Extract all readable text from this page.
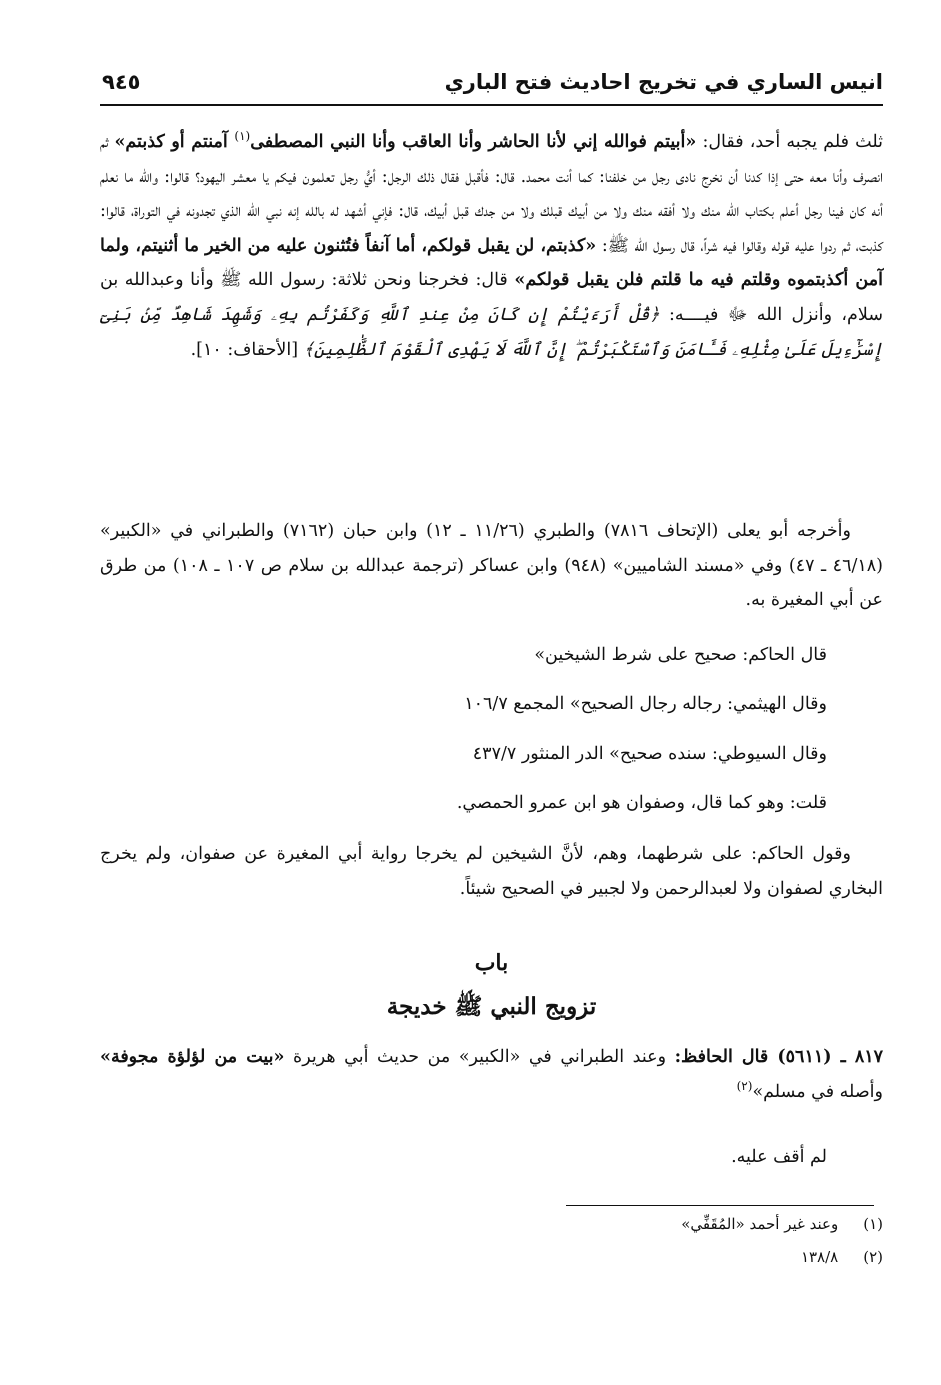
انيس الساري في تخريج احاديث فتح الباري
٩٤٥

ثلث فلم يجبه أحد، فقال: «أبيتم فوالله إني لأنا الحاشر وأنا العاقب وأنا النبي المصطفى$^{(١)}$ آمنتم أو كذبتم» ثم انصرف وأنا معه حتى إذا كدنا أن نخرج نادى رجل من خلفنا: كما أنت محمد. قال: فأقبل فقال ذلك الرجل: أيُّ رجل تعلمون فيكم يا معشر اليهود؟ قالوا: والله ما نعلم أنه كان فينا رجل أعلم بكتاب الله منك ولا أفقه منك ولا من أبيك قبلك ولا من جدك قبل أبيك، قال: فإني أشهد له بالله إنه نبي الله الذي تجدونه في التوراة، قالوا: كذبت، ثم ردوا عليه قوله وقالوا فيه شراً، قال رسول الله ﷺ: «كذبتم، لن يقبل قولكم، أما آنفاً فتُثنون عليه من الخير ما أثنيتم، ولما آمن أكذبتموه وقلتم فيه ما قلتم فلن يقبل قولكم» قال: فخرجنا ونحن ثلاثة: رسول الله ﷺ وأنا وعبدالله بن سلام، وأنزل الله ﷻ فيــــه: ﴿قُلْ أَرَءَيْتُمْ إِن كَانَ مِنْ عِندِ ٱللَّهِ وَكَفَرْتُم بِهِۦ وَشَهِدَ شَاهِدٌ مِّنۢ بَنِىٓ إِسْرَٰٓءِيلَ عَلَىٰ مِثْلِهِۦ فَـَٔامَنَ وَٱسْتَكْبَرْتُمْ ۖ إِنَّ ٱللَّهَ لَا يَهْدِى ٱلْقَوْمَ ٱلظَّٰلِمِينَ﴾ [الأحقاف: ١٠].

وأخرجه أبو يعلى (الإتحاف ٧٨١٦) والطبري (١١/٢٦ ـ ١٢) وابن حبان (٧١٦٢) والطبراني في «الكبير» (٤٦/١٨ ـ ٤٧) وفي «مسند الشاميين» (٩٤٨) وابن عساكر (ترجمة عبدالله بن سلام ص ١٠٧ ـ ١٠٨) من طرق عن أبي المغيرة به.

قال الحاكم: صحيح على شرط الشيخين»

وقال الهيثمي: رجاله رجال الصحيح» المجمع ١٠٦/٧

وقال السيوطي: سنده صحيح» الدر المنثور ٤٣٧/٧

قلت: وهو كما قال، وصفوان هو ابن عمرو الحمصي.

وقول الحاكم: على شرطهما، وهم، لأنَّ الشيخين لم يخرجا رواية أبي المغيرة عن صفوان، ولم يخرج البخاري لصفوان ولا لعبدالرحمن ولا لجبير في الصحيح شيئاً.

باب
تزويج النبي ﷺ خديجة

٨١٧ ـ (٥٦١١) قال الحافظ: وعند الطبراني في «الكبير» من حديث أبي هريرة «بيت من لؤلؤة مجوفة» وأصله في مسلم»$^{(٢)}$

لم أقف عليه.

(١) وعند غير أحمد «المُقَفِّي»
(٢) ١٣٨/٨
